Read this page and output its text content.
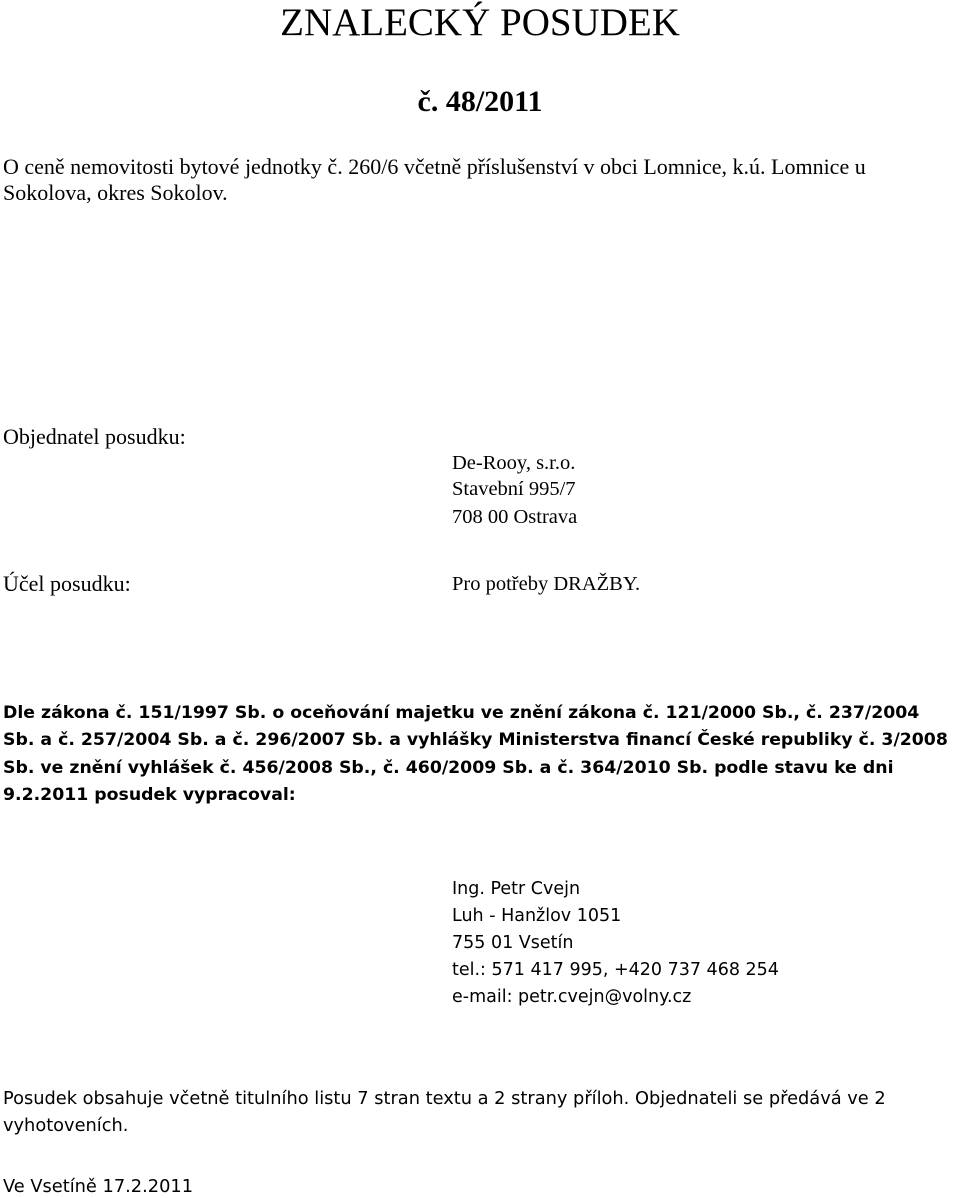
ZNALECKÝ POSUDEK
č. 48/2011
O ceně nemovitosti bytové jednotky č. 260/6 včetně příslušenství v obci Lomnice, k.ú. Lomnice u Sokolova, okres Sokolov.
Objednatel posudku:
De-Rooy, s.r.o.
Stavební 995/7
708 00 Ostrava
Účel posudku:	Pro potřeby DRAŽBY.
Dle zákona č. 151/1997 Sb. o oceňování majetku ve znění zákona č. 121/2000 Sb., č. 237/2004 Sb. a č. 257/2004 Sb. a č. 296/2007 Sb. a vyhlášky Ministerstva financí České republiky č. 3/2008 Sb. ve znění vyhlášek č. 456/2008 Sb., č. 460/2009 Sb. a č. 364/2010 Sb. podle stavu ke dni 9.2.2011 posudek vypracoval:
Ing. Petr Cvejn
Luh - Hanžlov 1051
755 01 Vsetín
tel.: 571 417 995, +420 737 468 254
e-mail: petr.cvejn@volny.cz
Posudek obsahuje včetně titulního listu 7 stran textu a 2 strany příloh. Objednateli se předává ve 2 vyhotoveních.
Ve Vsetíně 17.2.2011
